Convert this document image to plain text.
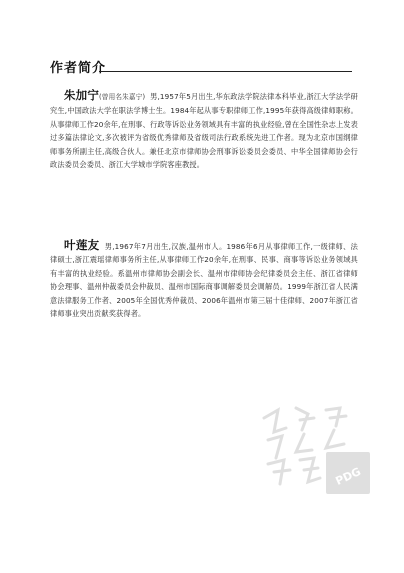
作者简介
朱加宁(曾用名朱嘉宁) 男,1957年5月出生,华东政法学院法律本科毕业,浙江大学法学研究生,中国政法大学在职法学博士生。1984年起从事专职律师工作,1995年获得高级律师职称。从事律师工作20余年,在刑事、行政等诉讼业务领域具有丰富的执业经验,曾在全国性杂志上发表过多篇法律论文,多次被评为省级优秀律师及省级司法行政系统先进工作者。现为北京市国纲律师事务所副主任,高级合伙人。兼任北京市律师协会刑事诉讼委员会委员、中华全国律师协会行政法委员会委员、浙江大学城市学院客座教授。
叶莲友 男,1967年7月出生,汉族,温州市人。1986年6月从事律师工作,一级律师、法律硕士,浙江震瑶律师事务所主任,从事律师工作20余年,在刑事、民事、商事等诉讼业务领域具有丰富的执业经验。系温州市律师协会副会长、温州市律师协会纪律委员会主任、浙江省律师协会理事、温州仲裁委员会仲裁员、温州市国际商事调解委员会调解员。1999年浙江省人民满意法律服务工作者、2005年全国优秀仲裁员、2006年温州市第三届十佳律师、2007年浙江省律师事业突出贡献奖获得者。
PDG
